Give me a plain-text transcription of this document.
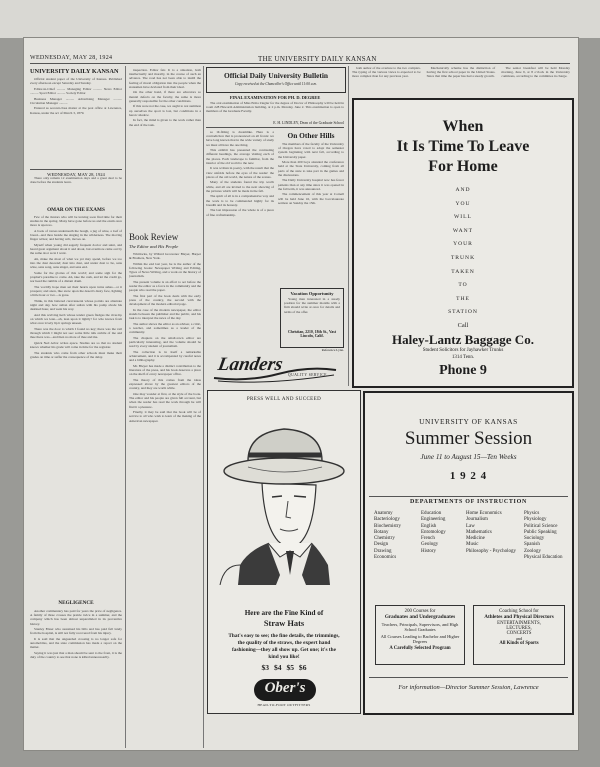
WEDNESDAY, MAY 28, 1924	THE UNIVERSITY DAILY KANSAN
UNIVERSITY DAILY KANSAN

Official student paper of the University of Kansas. Published every afternoon except Saturday and Sunday.

Editor-in-Chief .......... Managing Editor .......... News Editor .......... Sport Editor .......... Society Editor

Business Manager .......... Advertising Manager .......... Circulation Manager ..........

Entered as second-class matter at the post office at Lawrence, Kansas, under the act of March 3, 1879.

WEDNESDAY, MAY 28, 1924

There only remain 12 examination days and a great deal to be done before the students leave.

OMAR ON THE EXAMS

Few of the Juniors who will be leaving soon find time for their studies in the spring. Many have gone before us and the exam once more is upon us.

A book of verses underneath the bough, a jug of wine, a loaf of bread—and thou beside me singing in the wilderness. The moving finger writes; and having writ, moves on.

Myself when young did eagerly frequent doctor and saint, and heard great argument about it and about, but evermore came out by the same door as in I went.

Ah, make the most of what we yet may spend, before we too into the dust descend; dust into dust, and under dust to lie, sans wine, sans song, sans singer, and sans end.

Some for the glories of this world; and some sigh for the prophet's paradise to come. Ah, take the cash, and let the credit go, nor heed the rumble of a distant drum.

The worldly hope men set their hearts upon turns ashes—or it prospers; and anon, like snow upon the desert's dusty face, lighting a little hour or two—is gone.

Think, in this battered caravanserai whose portals are alternate night and day, how sultan after sultan with his pomp abode his destined hour, and went his way.

And this reviving herb whose tender green fledges the river-lip on which we lean—ah, lean upon it lightly! for who knows from what once lovely lip it springs unseen.

There was the door to which I found no key; there was the veil through which I might not see: some little talk awhile of me and thee there was—and then no more of thee and me.

Quick Ned Arbor writes apace. Studies are so that no student knows whether his grade will come in time for the registrar.

The students who come from other schools must make their grades on time or suffer the consequence of the delay.

NEGLIGENCE

Another commentary has paid for years the price of negligence. A family of three crosses the prairie twice in a summer, and the company which has been almost unparalleled in its preventive history.

Stanley Ebner who sustained his bills and has paid full lately from the hospital, is still not fully recovered from his injury.

It is said that the unguarded crossing is no longer safe for automobiles, and the state commission has made a report on the matter.

Saying it was just that a man should be sent to the front, it is the duty of the country to see that none is killed unnecessarily.

inspection. Editor fair. It is a situation, both intellectually and morally, in the course of such an advance. The road has not been able to instill the feeling of moral obligation into the people when the statesmen have deviated from their ideal.

On the other hand, if there are educators so mental defects on the faculty, the same is more generally responsible for the other conditions.

If this were not the case, we ought to not summon up ourselves the sport is lost, but conditions in a heroic shadow.

In fact, the mind is given to the work rather than the end of the task.

Book Review
The Editor and His People

Whitlocks, by Willard Grosvenor Bleyer, Harper & Brothers, New York.

Within the end last year, he is the author of the following books: Newspaper Writing and Editing, Types of News Writing, and a work on the history of journalism.

The present volume is an effort to set before the reader the editor as a force in the community and the people who read the paper.

The first part of the book deals with the early press of the country, the second with the development of the modern editorial page.

In the case of the modern newspaper, the editor stands between the publisher and the public, and his task is to interpret the news of the day.

The author shows the editor as an adviser, a critic, a teacher, and sometimes as a leader of the community.

The chapters on the small-town editor are particularly interesting, and the volume should be read by every student of journalism.

The collection is in itself a remarkable achievement, and it is accompanied by careful notes and a bibliography.

Mr. Bleyer has made a distinct contribution to the literature of the press, and his book deserves a place on the shelf of every newspaper office.

The theory of this comes from the ideas expressed above by the greatest editors of the country, and they are worth while.

One may wonder at first, at the style of the book. The editor and his people are given full account, but when the reader has read the work through he will find it a pleasure.

Finally, it may be said that the book will be of service to all who wish to learn of the making of the American newspaper.

Official Daily University Bulletin
Copy received at the Chancellor's Office until 11:00 a.m.
FINAL EXAMINATION FOR PH. D. DEGREE

The oral examination of Miss Erma Ziegler for the degree of Doctor of Philosophy will be held in room 228 Haworth Administration building, at 2 p.m. Monday, June 2. This examination is open to members of the Graduate Faculty.

E. H. LINDLEY, Dean of the Graduate School

so ill-fitting is dreamlike. Here is a contradiction that is pronounced on all fronts: we have long known that in the wide variety of study we must all have the one thing.

This exhibit has presented the contrasting different headings, the average visiting each of the places. Each landscape is familiar, from the interior of the old world to the new.

It was written in poetry, with the result that the view unfolds before the eyes of the reader: the places of the old world, the nature of the scenes.

Many of the students found the trip worth while, and all are invited to the next showing of the pictures which will be made in the fall.

The spirit of all is in a comprehensive way and the work is to be commended highly for its breadth and its honesty.

The last impression of the whole is of a piece of fine craftsmanship.

On Other Hills

The members of the faculty of the University of Oregon have voted to adopt the semester system beginning with next fall, according to the University paper.

More than 200 boys attended the conference held at the State University, coming from all parts of the state to take part in the games and the discussions.

The Daily University hospital now has fewer patients than at any time since it was opened in the fall term, it was announced.

The commencement of this year at Cornell will be held June 16, with the baccalaureate sermon on Sunday the 15th.

Vacation Opportunity

Young men interested in a steady position for the summer months with a firm should write at once for details and terms of the offer.

Christian, 2210, 18th St., Vast Lincoln, Calif.
Reference Lynn.
Landers QUALITY SERVICE
PRESS WELL AND SUCCEED
Here are the Fine Kind of
Straw Hats
That's easy to see; the fine details, the trimmings, the quality of the straws, the expert hand fashioning—they all show up. Get one; it's the kind you like!
$3 $4 $5 $6
Ober's
HEAD-TO-FOOT OUTFITTERS

both author of the overture to the two complex. The typing of the various views is expected to be more complex than for any previous year.

Mechanically scheme has the distinction of having the first school paper in the United States. Since that time the paper has had a steady growth.

The senior breakfast will be held Monday morning, June 9, at 8 o'clock in the University commons, according to the committee in charge.

When
It Is Time To Leave
For Home
AND
YOU
WILL
WANT
YOUR
TRUNK
TAKEN
TO
THE
STATION
Call
Haley-Lantz Baggage Co.
Student Solicitors for Jayhawker Trunks
1314 Tenn.
Phone 9
UNIVERSITY OF KANSAS
Summer Session
June 11 to August 15—Ten Weeks
1 9 2 4
DEPARTMENTS OF INSTRUCTION
Anatomy
Bacteriology
Biochemistry
Botany
Chemistry
Design
Drawing
Economics
Education
Engineering
English
Entomology
French
Geology
History
Home Economics
Journalism
Law
Mathematics
Medicine
Music
Philosophy - Psychology
Physics
Physiology
Political Science
Public Speaking
Sociology
Spanish
Zoology
Physical Education
200 Courses for
Graduates and Undergraduates
Teachers, Principals, Supervisors, and High School Graduates
All Courses Leading to Bachelor and Higher Degrees
A Carefully Selected Program
Coaching School for
Athletes and Physical Directors
ENTERTAINMENTS,
LECTURES,
CONCERTS
and
All Kinds of Sports
For information—Director Summer Session, Lawrence
